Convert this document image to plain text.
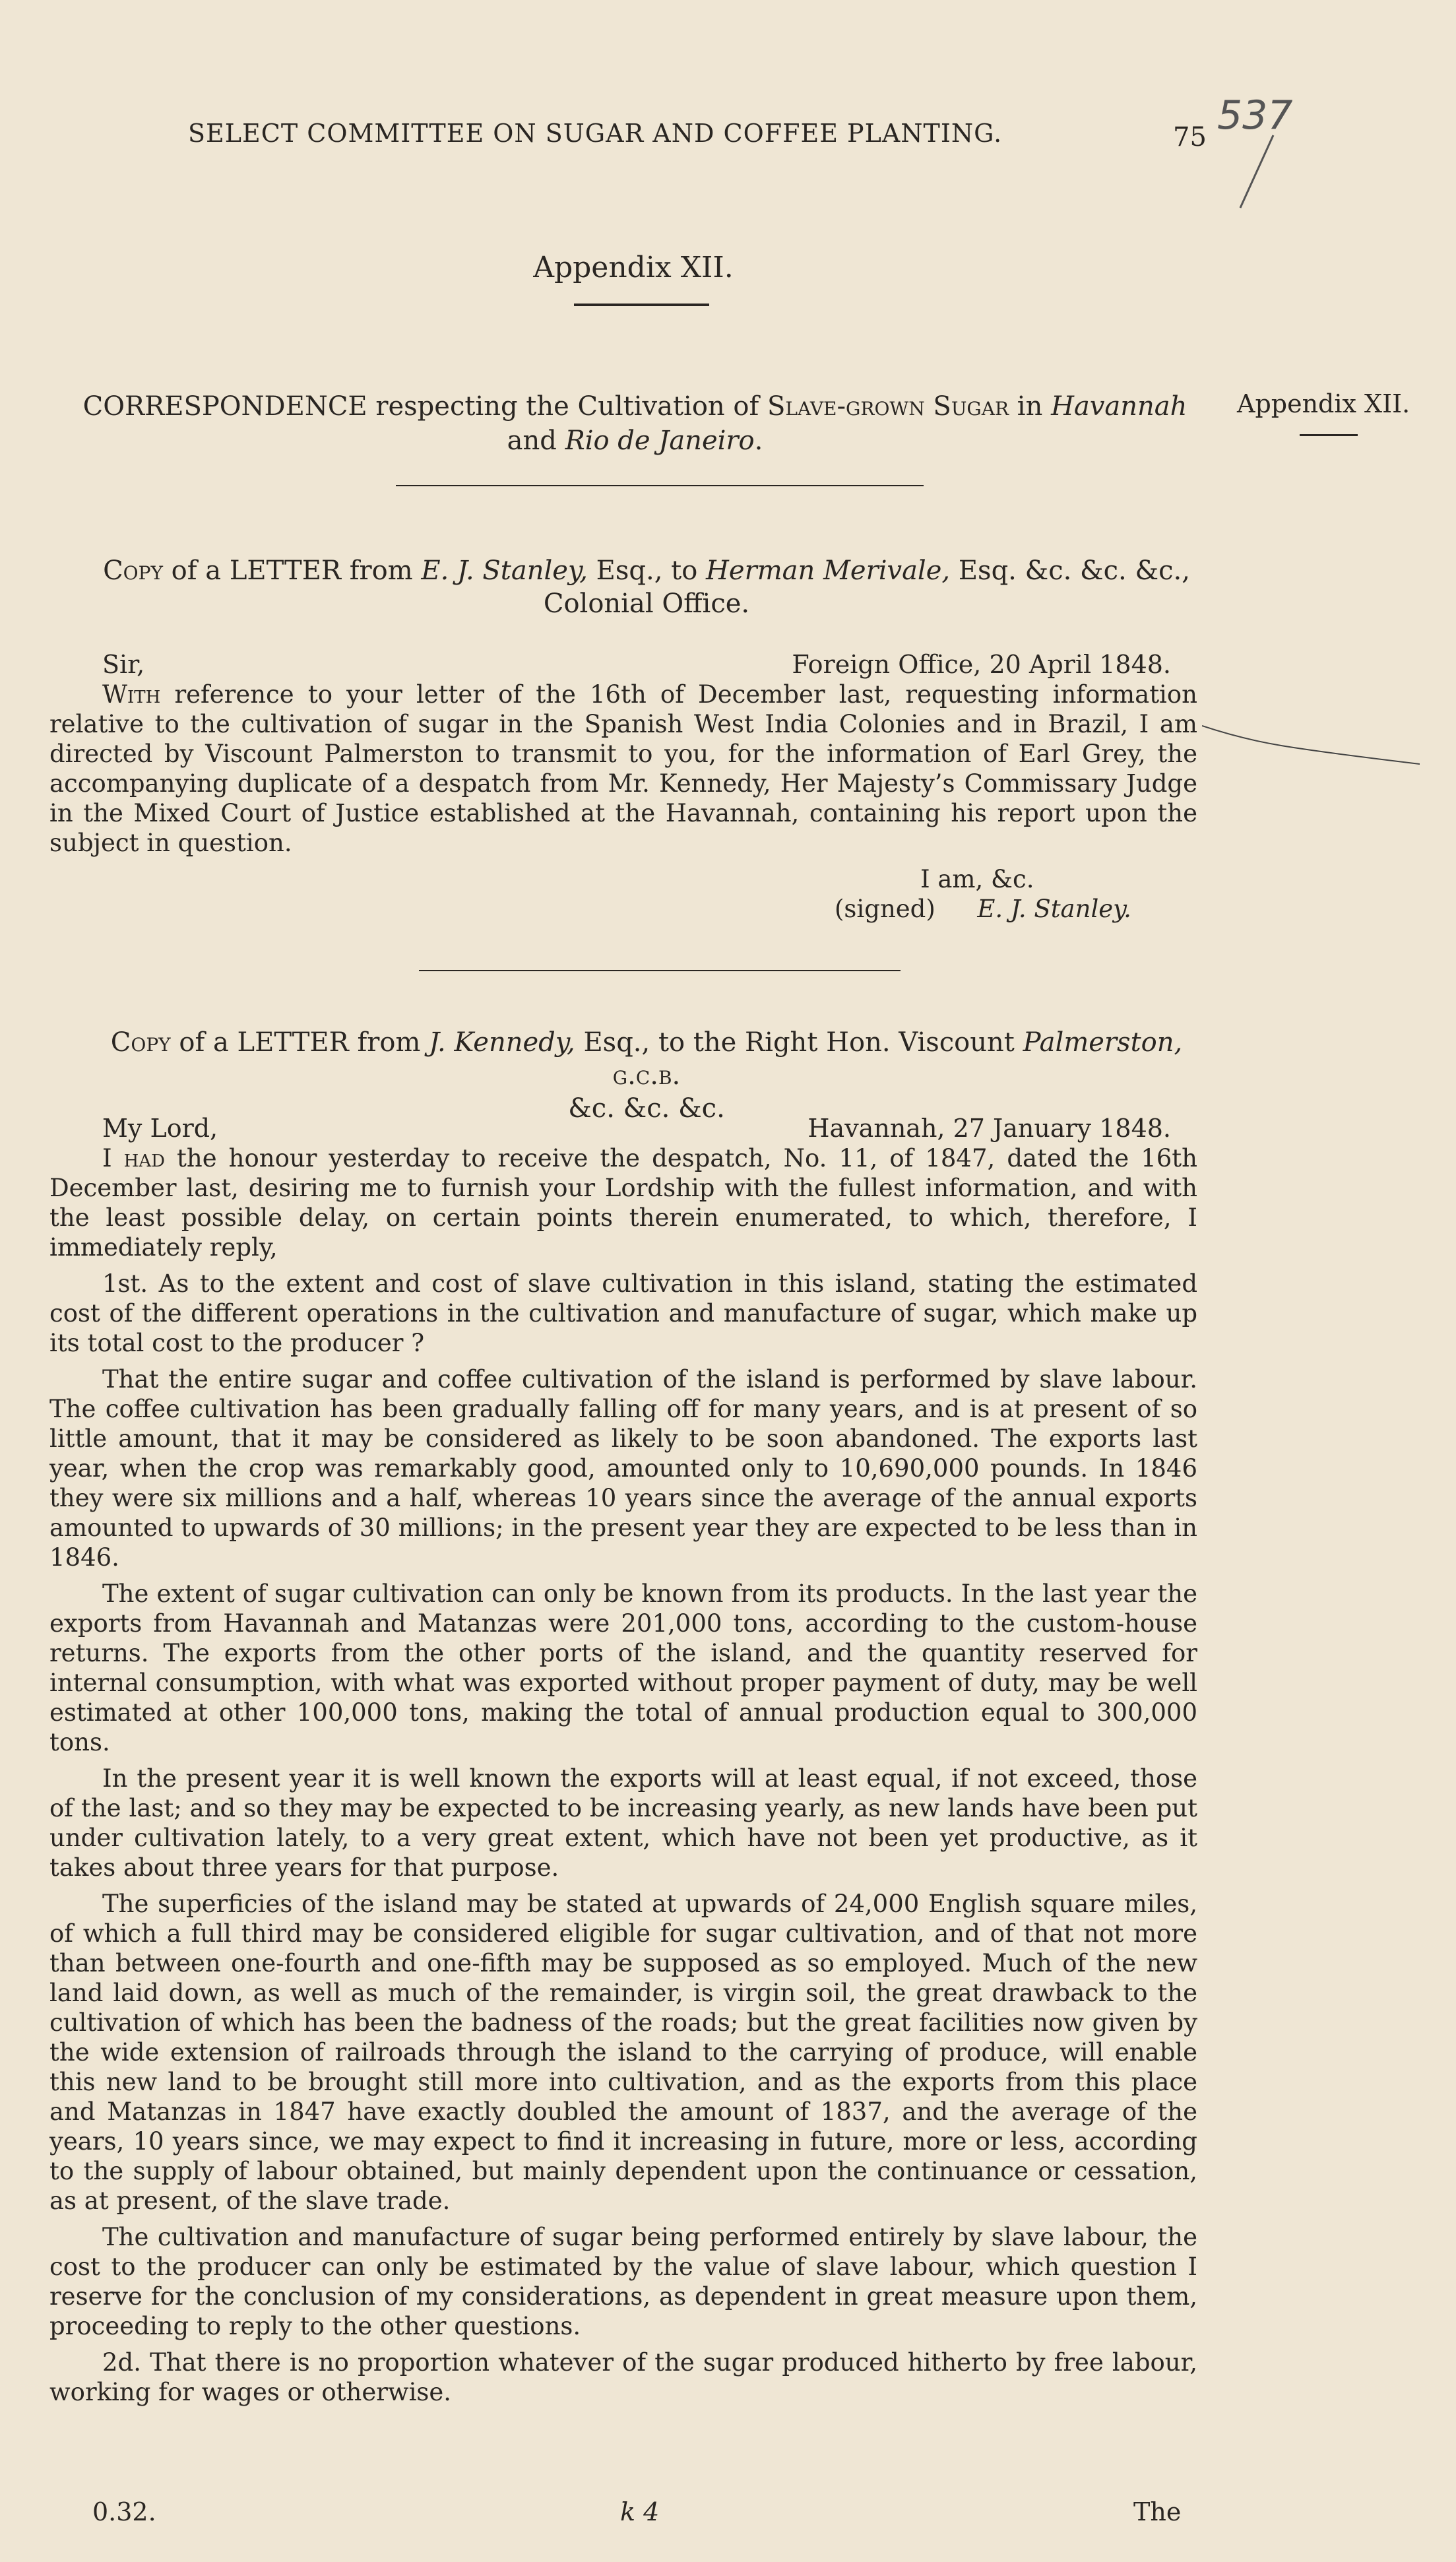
SELECT COMMITTEE ON SUGAR AND COFFEE PLANTING.	75 537
Appendix XII.
CORRESPONDENCE respecting the Cultivation of Slave-grown Sugar in Havannah
and Rio de Janeiro.
Appendix XII.
Copy of a LETTER from E. J. Stanley, Esq., to Herman Merivale, Esq. &c. &c. &c.,
Colonial Office.
Sir,	Foreign Office, 20 April 1848.

With reference to your letter of the 16th of December last, requesting information relative to the cultivation of sugar in the Spanish West India Colonies and in Brazil, I am directed by Viscount Palmerston to transmit to you, for the information of Earl Grey, the accompanying duplicate of a despatch from Mr. Kennedy, Her Majesty’s Commissary Judge in the Mixed Court of Justice established at the Havannah, containing his report upon the subject in question.

I am, &c.
(signed) E. J. Stanley.
Copy of a LETTER from J. Kennedy, Esq., to the Right Hon. Viscount Palmerston, g.c.b.
&c. &c. &c.
My Lord,	Havannah, 27 January 1848.

I had the honour yesterday to receive the despatch, No. 11, of 1847, dated the 16th December last, desiring me to furnish your Lordship with the fullest information, and with the least possible delay, on certain points therein enumerated, to which, therefore, I immediately reply,

1st. As to the extent and cost of slave cultivation in this island, stating the estimated cost of the different operations in the cultivation and manufacture of sugar, which make up its total cost to the producer ?

That the entire sugar and coffee cultivation of the island is performed by slave labour. The coffee cultivation has been gradually falling off for many years, and is at present of so little amount, that it may be considered as likely to be soon abandoned. The exports last year, when the crop was remarkably good, amounted only to 10,690,000 pounds. In 1846 they were six millions and a half, whereas 10 years since the average of the annual exports amounted to upwards of 30 millions; in the present year they are expected to be less than in 1846.

The extent of sugar cultivation can only be known from its products. In the last year the exports from Havannah and Matanzas were 201,000 tons, according to the custom-house returns. The exports from the other ports of the island, and the quantity reserved for internal consumption, with what was exported without proper payment of duty, may be well estimated at other 100,000 tons, making the total of annual production equal to 300,000 tons.

In the present year it is well known the exports will at least equal, if not exceed, those of the last; and so they may be expected to be increasing yearly, as new lands have been put under cultivation lately, to a very great extent, which have not been yet productive, as it takes about three years for that purpose.

The superficies of the island may be stated at upwards of 24,000 English square miles, of which a full third may be considered eligible for sugar cultivation, and of that not more than between one-fourth and one-fifth may be supposed as so employed. Much of the new land laid down, as well as much of the remainder, is virgin soil, the great drawback to the cultivation of which has been the badness of the roads; but the great facilities now given by the wide extension of railroads through the island to the carrying of produce, will enable this new land to be brought still more into cultivation, and as the exports from this place and Matanzas in 1847 have exactly doubled the amount of 1837, and the average of the years, 10 years since, we may expect to find it increasing in future, more or less, according to the supply of labour obtained, but mainly dependent upon the continuance or cessation, as at present, of the slave trade.

The cultivation and manufacture of sugar being performed entirely by slave labour, the cost to the producer can only be estimated by the value of slave labour, which question I reserve for the conclusion of my considerations, as dependent in great measure upon them, proceeding to reply to the other questions.

2d. That there is no proportion whatever of the sugar produced hitherto by free labour, working for wages or otherwise.

0.32.	k 4	The
